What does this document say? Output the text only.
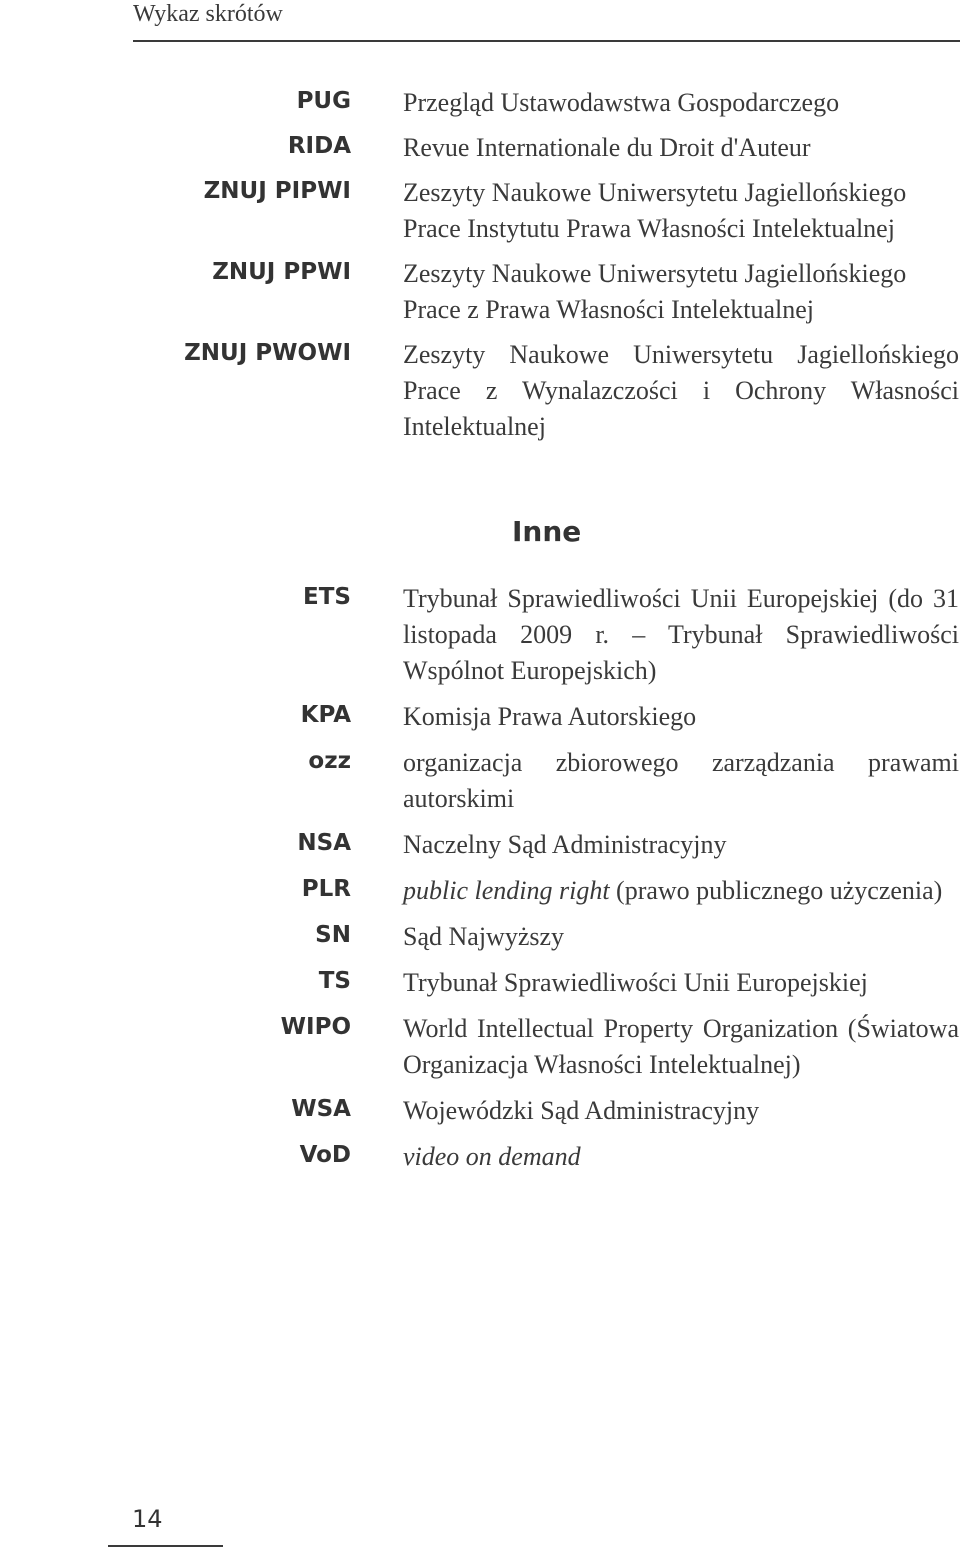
Wykaz skrótów
PUG Przegląd Ustawodawstwa Gospodarczego
RIDA Revue Internationale du Droit d'Auteur
ZNUJ PIPWI Zeszyty Naukowe Uniwersytetu Jagiellońskiego Prace Instytutu Prawa Własności Intelektualnej
ZNUJ PPWI Zeszyty Naukowe Uniwersytetu Jagiellońskiego Prace z Prawa Własności Intelektualnej
ZNUJ PWOWI Zeszyty Naukowe Uniwersytetu Jagiellońskiego Prace z Wynalazczości i Ochrony Własności Intelektualnej
Inne
ETS Trybunał Sprawiedliwości Unii Europejskiej (do 31 listopada 2009 r. – Trybunał Sprawiedliwości Wspólnot Europejskich)
KPA Komisja Prawa Autorskiego
ozz organizacja zbiorowego zarządzania prawami autorskimi
NSA Naczelny Sąd Administracyjny
PLR public lending right (prawo publicznego użyczenia)
SN Sąd Najwyższy
TS Trybunał Sprawiedliwości Unii Europejskiej
WIPO World Intellectual Property Organization (Światowa Organizacja Własności Intelektualnej)
WSA Wojewódzki Sąd Administracyjny
VoD video on demand
14
